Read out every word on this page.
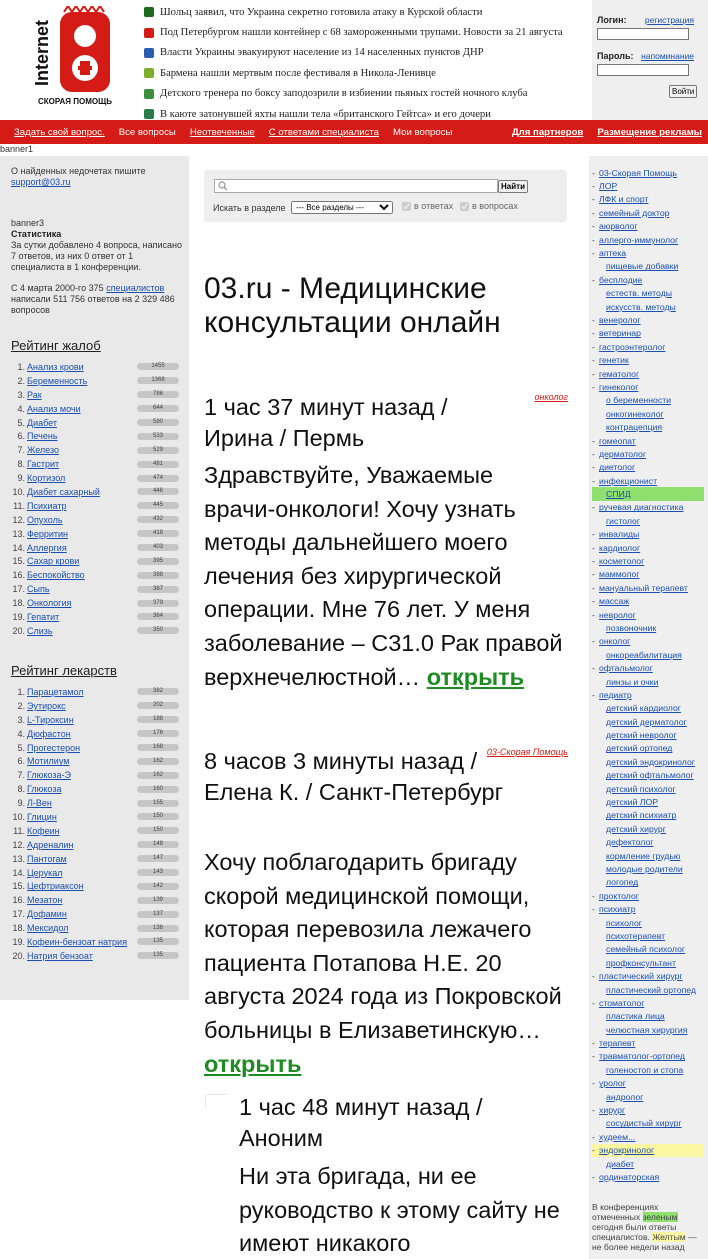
Internet
СКОРАЯ ПОМОЩЬ
Шольц заявил, что Украина секретно готовила атаку в Курской области
Под Петербургом нашли контейнер с 68 замороженными трупами. Новости за 21 августа
Власти Украины эвакуируют население из 14 населенных пунктов ДНР
Бармена нашли мертвым после фестиваля в Никола-Ленивце
Детского тренера по боксу заподозрили в избиении пьяных гостей ночного клуба
В каюте затонувшей яхты нашли тела «британского Гейтса» и его дочери
Логин: регистрация
Пароль: напоминание
Войти
Задать свой вопрос. Все вопросы Неотвеченные С ответами специалиста Мои вопросы	Для партнеров Размещение рекламы
banner1
О найденных недочетах пишите
support@03.ru
banner3
Статистика
За сутки добавлено 4 вопроса, написано 7 ответов, из них 0 ответ от 1 специалиста в 1 конференции.
С 4 марта 2000-го 375 специалистов написали 511 756 ответов на 2 329 486 вопросов
Рейтинг жалоб
1. Анализ крови	1455
2. Беременность	1368
3. Рак	786
4. Анализ мочи	644
5. Диабет	590
6. Печень	533
7. Железо	529
8. Гастрит	481
9. Кортизол	474
10. Диабет сахарный	446
11. Психиатр	445
12. Опухоль	432
13. Ферритин	418
14. Аллергия	403
15. Сахар крови	395
16. Беспокойство	388
17. Сыпь	387
18. Онкология	379
19. Гепатит	364
20. Слизь	350
Рейтинг лекарств
1. Парацетамол	382
2. Эутирокс	202
3. L-Тироксин	188
4. Дюфастон	176
5. Прогестерон	168
6. Мотилиум	162
7. Глюкоза-Э	162
8. Глюкоза	160
9. Л-Вен	155
10. Глицин	150
11. Кофеин	150
12. Адреналин	148
13. Пантогам	147
14. Церукал	143
15. Цефтриаксон	142
16. Мезатон	139
17. Дофамин	137
18. Мексидол	136
19. Кофеин-бензоат натрия	135
20. Натрия бензоат	135
Найти
Искать в разделе
--- Все разделы ---	в ответах в вопросах
03.ru - Медицинские консультации онлайн
онколог
1 час 37 минут назад / Ирина / Пермь
Здравствуйте, Уважаемые врачи-онкологи! Хочу узнать методы дальнейшего моего лечения без хирургической операции. Мне 76 лет. У меня заболевание – С31.0 Рак правой верхнечелюстной… открыть
03-Скорая Помощь
8 часов 3 минуты назад / Елена К. / Санкт-Петербург
Хочу поблагодарить бригаду скорой медицинской помощи, которая перевозила лежачего пациента Потапова Н.Е. 20 августа 2024 года из Покровской больницы в Елизаветинскую… открыть
1 час 48 минут назад / Аноним
Ни эта бригада, ни ее руководство к этому сайту не имеют никакого
- 03-Скорая Помощь
- ЛОР
- ЛФК и спорт
- семейный доктор
- аюрволог
- аллерго-иммунолог
- аптека
пищевые добавки
- бесплодие
естеств. методы
искусств. методы
- венеролог
- ветеринар
- гастроэнтеролог
- генетик
- гематолог
- гинеколог
о беременности
онкогинеколог
контрацепция
- гомеопат
- дерматолог
- диетолог
- инфекционист
СПИД
- ручевая диагностика
гистолог
- инвалиды
- кардиолог
- косметолог
- маммолог
- мануальный терапевт
- массаж
- невролог
позвоночник
- онколог
онкореабилитация
- офтальмолог
линзы и очки
- педиатр
детский кардиолог
детский дерматолог
детский невролог
детский ортопед
детский эндокринолог
детский офтальмолог
детский психолог
детский ЛОР
детский психиатр
детский хирург
дефектолог
кормление грудью
молодые родители
логопед
- проктолог
- психиатр
психолог
психотерапевт
семейный психолог
профконсультант
- пластический хирург
пластический ортопед
- стоматолог
пластика лица
челюстная хирургия
- терапевт
- травматолог-ортопед
голеностоп и стопа
- уролог
андролог
- хирург
сосудистый хирург
- худеем...
- эндокринолог
диабет
- ординаторская
В конференциях отмеченных зеленым сегодня были ответы специалистов. Желтым — не более недели назад
